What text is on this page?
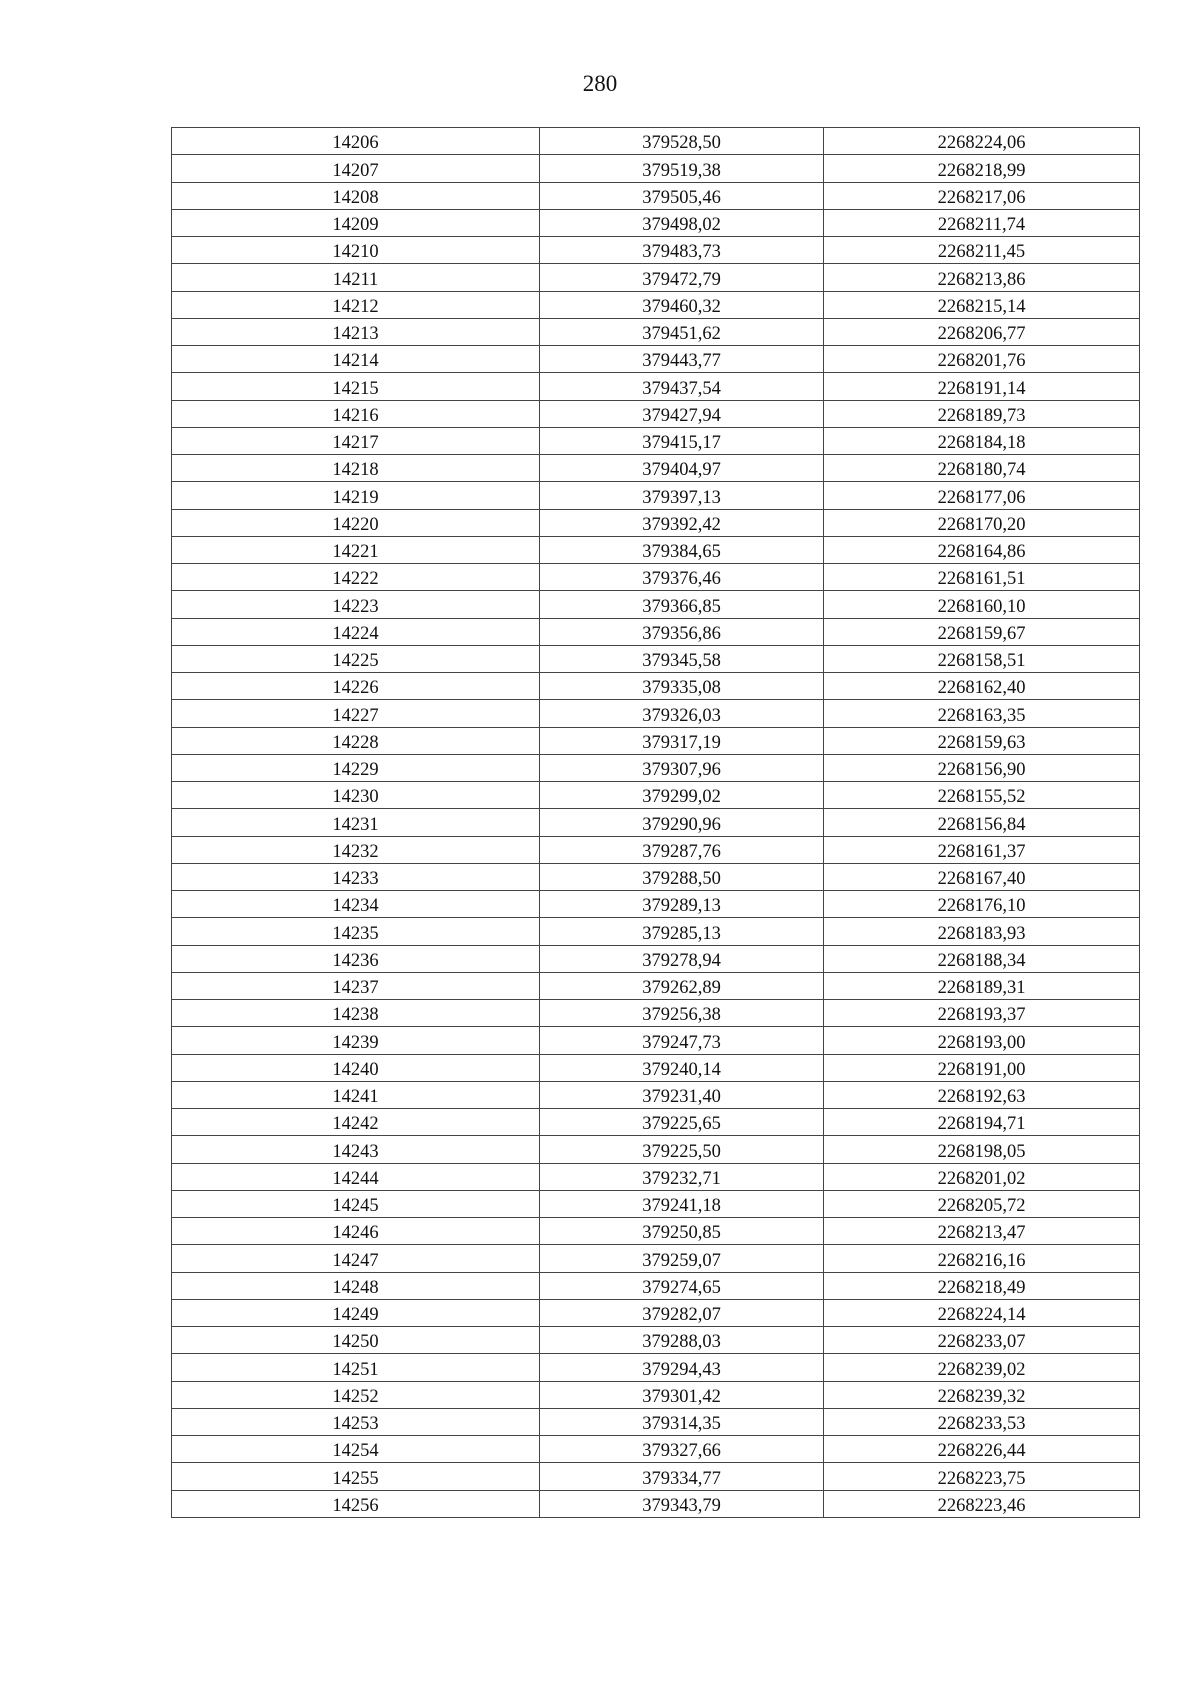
280
14206	379528,50	2268224,06
14207	379519,38	2268218,99
14208	379505,46	2268217,06
14209	379498,02	2268211,74
14210	379483,73	2268211,45
14211	379472,79	2268213,86
14212	379460,32	2268215,14
14213	379451,62	2268206,77
14214	379443,77	2268201,76
14215	379437,54	2268191,14
14216	379427,94	2268189,73
14217	379415,17	2268184,18
14218	379404,97	2268180,74
14219	379397,13	2268177,06
14220	379392,42	2268170,20
14221	379384,65	2268164,86
14222	379376,46	2268161,51
14223	379366,85	2268160,10
14224	379356,86	2268159,67
14225	379345,58	2268158,51
14226	379335,08	2268162,40
14227	379326,03	2268163,35
14228	379317,19	2268159,63
14229	379307,96	2268156,90
14230	379299,02	2268155,52
14231	379290,96	2268156,84
14232	379287,76	2268161,37
14233	379288,50	2268167,40
14234	379289,13	2268176,10
14235	379285,13	2268183,93
14236	379278,94	2268188,34
14237	379262,89	2268189,31
14238	379256,38	2268193,37
14239	379247,73	2268193,00
14240	379240,14	2268191,00
14241	379231,40	2268192,63
14242	379225,65	2268194,71
14243	379225,50	2268198,05
14244	379232,71	2268201,02
14245	379241,18	2268205,72
14246	379250,85	2268213,47
14247	379259,07	2268216,16
14248	379274,65	2268218,49
14249	379282,07	2268224,14
14250	379288,03	2268233,07
14251	379294,43	2268239,02
14252	379301,42	2268239,32
14253	379314,35	2268233,53
14254	379327,66	2268226,44
14255	379334,77	2268223,75
14256	379343,79	2268223,46
